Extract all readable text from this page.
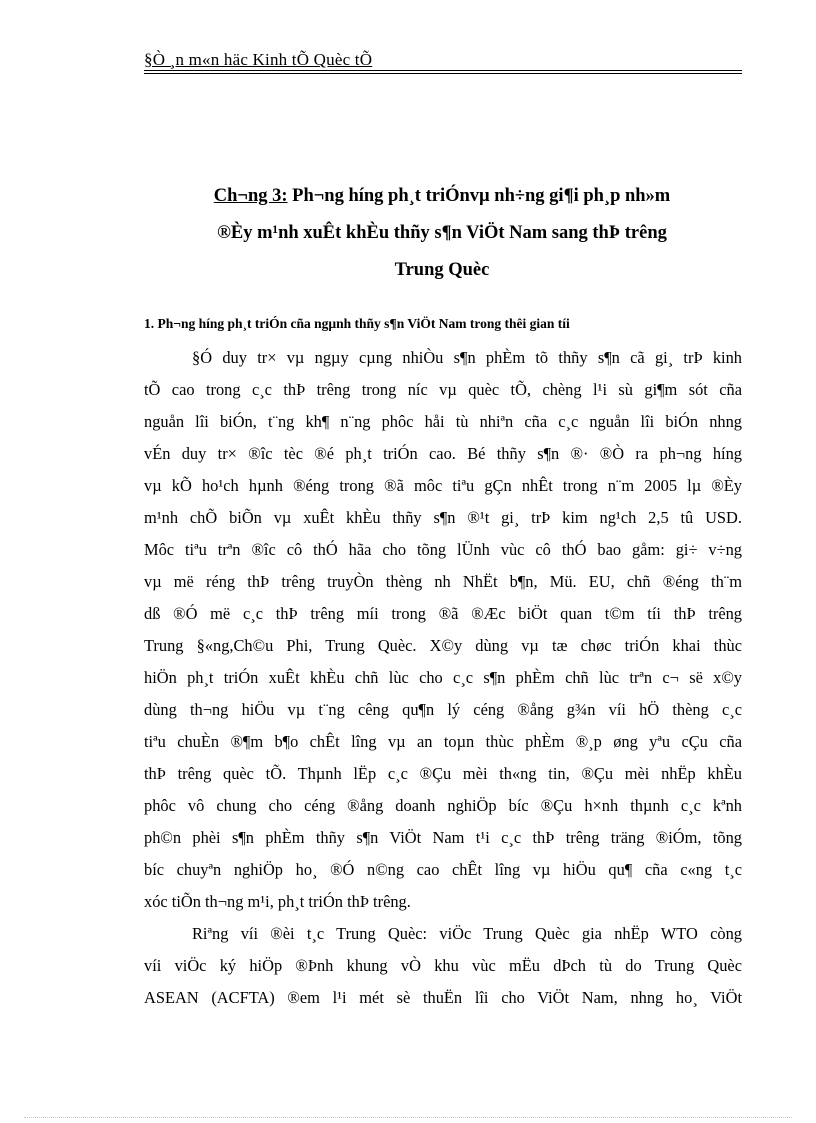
§Ò ¸n m«n häc Kinh tÕ Quèc tÕ
Ch¬ng 3: Ph¬ng híng ph¸t triÓnvµ nh÷ng gi¶i ph¸p nh»m
®Èy m¹nh xuÊt khÈu thñy s¶n ViÖt Nam sang thÞ trêng
Trung Quèc
1. Ph¬ng híng ph¸t triÓn cña ngµnh thñy s¶n ViÖt Nam trong thêi gian tíi
§Ó duy tr× vµ ngµy cµng nhiÒu s¶n phÈm tõ thñy s¶n cã gi¸ trÞ kinh
tÕ cao trong c¸c thÞ trêng trong níc vµ quèc tÕ, chèng l¹i sù gi¶m sót cña
nguån lîi biÓn, t¨ng kh¶ n¨ng phôc håi tù nhiªn cña c¸c nguån lîi biÓn nhng
vÉn duy tr× ®îc tèc ®é ph¸t triÓn cao. Bé thñy s¶n ®· ®Ò ra ph¬ng híng
vµ kÕ ho¹ch hµnh ®éng trong ®ã môc tiªu gÇn nhÊt trong n¨m 2005 lµ ®Èy
m¹nh chÕ biÕn vµ xuÊt khÈu thñy s¶n ®¹t gi¸ trÞ kim ng¹ch 2,5 tû USD.
Môc tiªu trªn ®îc cô thÓ hãa cho tõng lÜnh vùc cô thÓ bao gåm: gi÷ v÷ng
vµ më réng thÞ trêng truyÒn thèng nh NhËt b¶n, Mü. EU, chñ ®éng th¨m
dß ®Ó më c¸c thÞ trêng míi trong ®ã ®Æc biÖt quan t©m tíi thÞ trêng
Trung §«ng,Ch©u Phi, Trung Quèc. X©y dùng vµ tæ chøc triÓn khai thùc
hiÖn ph¸t triÓn xuÊt khÈu chñ lùc cho c¸c s¶n phÈm chñ lùc trªn c¬ së x©y
dùng th¬ng hiÖu vµ t¨ng cêng qu¶n lý céng ®ång g¾n víi hÖ thèng c¸c
tiªu chuÈn ®¶m b¶o chÊt lîng vµ an toµn thùc phÈm ®¸p øng yªu cÇu cña
thÞ trêng quèc tÕ. Thµnh lËp c¸c ®Çu mèi th«ng tin, ®Çu mèi nhËp khÈu
phôc vô chung cho céng ®ång doanh nghiÖp bíc ®Çu h×nh thµnh c¸c kªnh
ph©n phèi s¶n phÈm thñy s¶n ViÖt Nam t¹i c¸c thÞ trêng träng ®iÓm, tõng
bíc chuyªn nghiÖp ho¸ ®Ó n©ng cao chÊt lîng vµ hiÖu qu¶ cña c«ng t¸c
xóc tiÕn th¬ng m¹i, ph¸t triÓn thÞ trêng.
Riªng víi ®èi t¸c Trung Quèc: viÖc Trung Quèc gia nhËp WTO còng
víi viÖc ký hiÖp ®Þnh khung vÒ khu vùc mËu dÞch tù do Trung Quèc
ASEAN (ACFTA) ®em l¹i mét sè thuËn lîi cho ViÖt Nam, nhng ho¸ ViÖt
